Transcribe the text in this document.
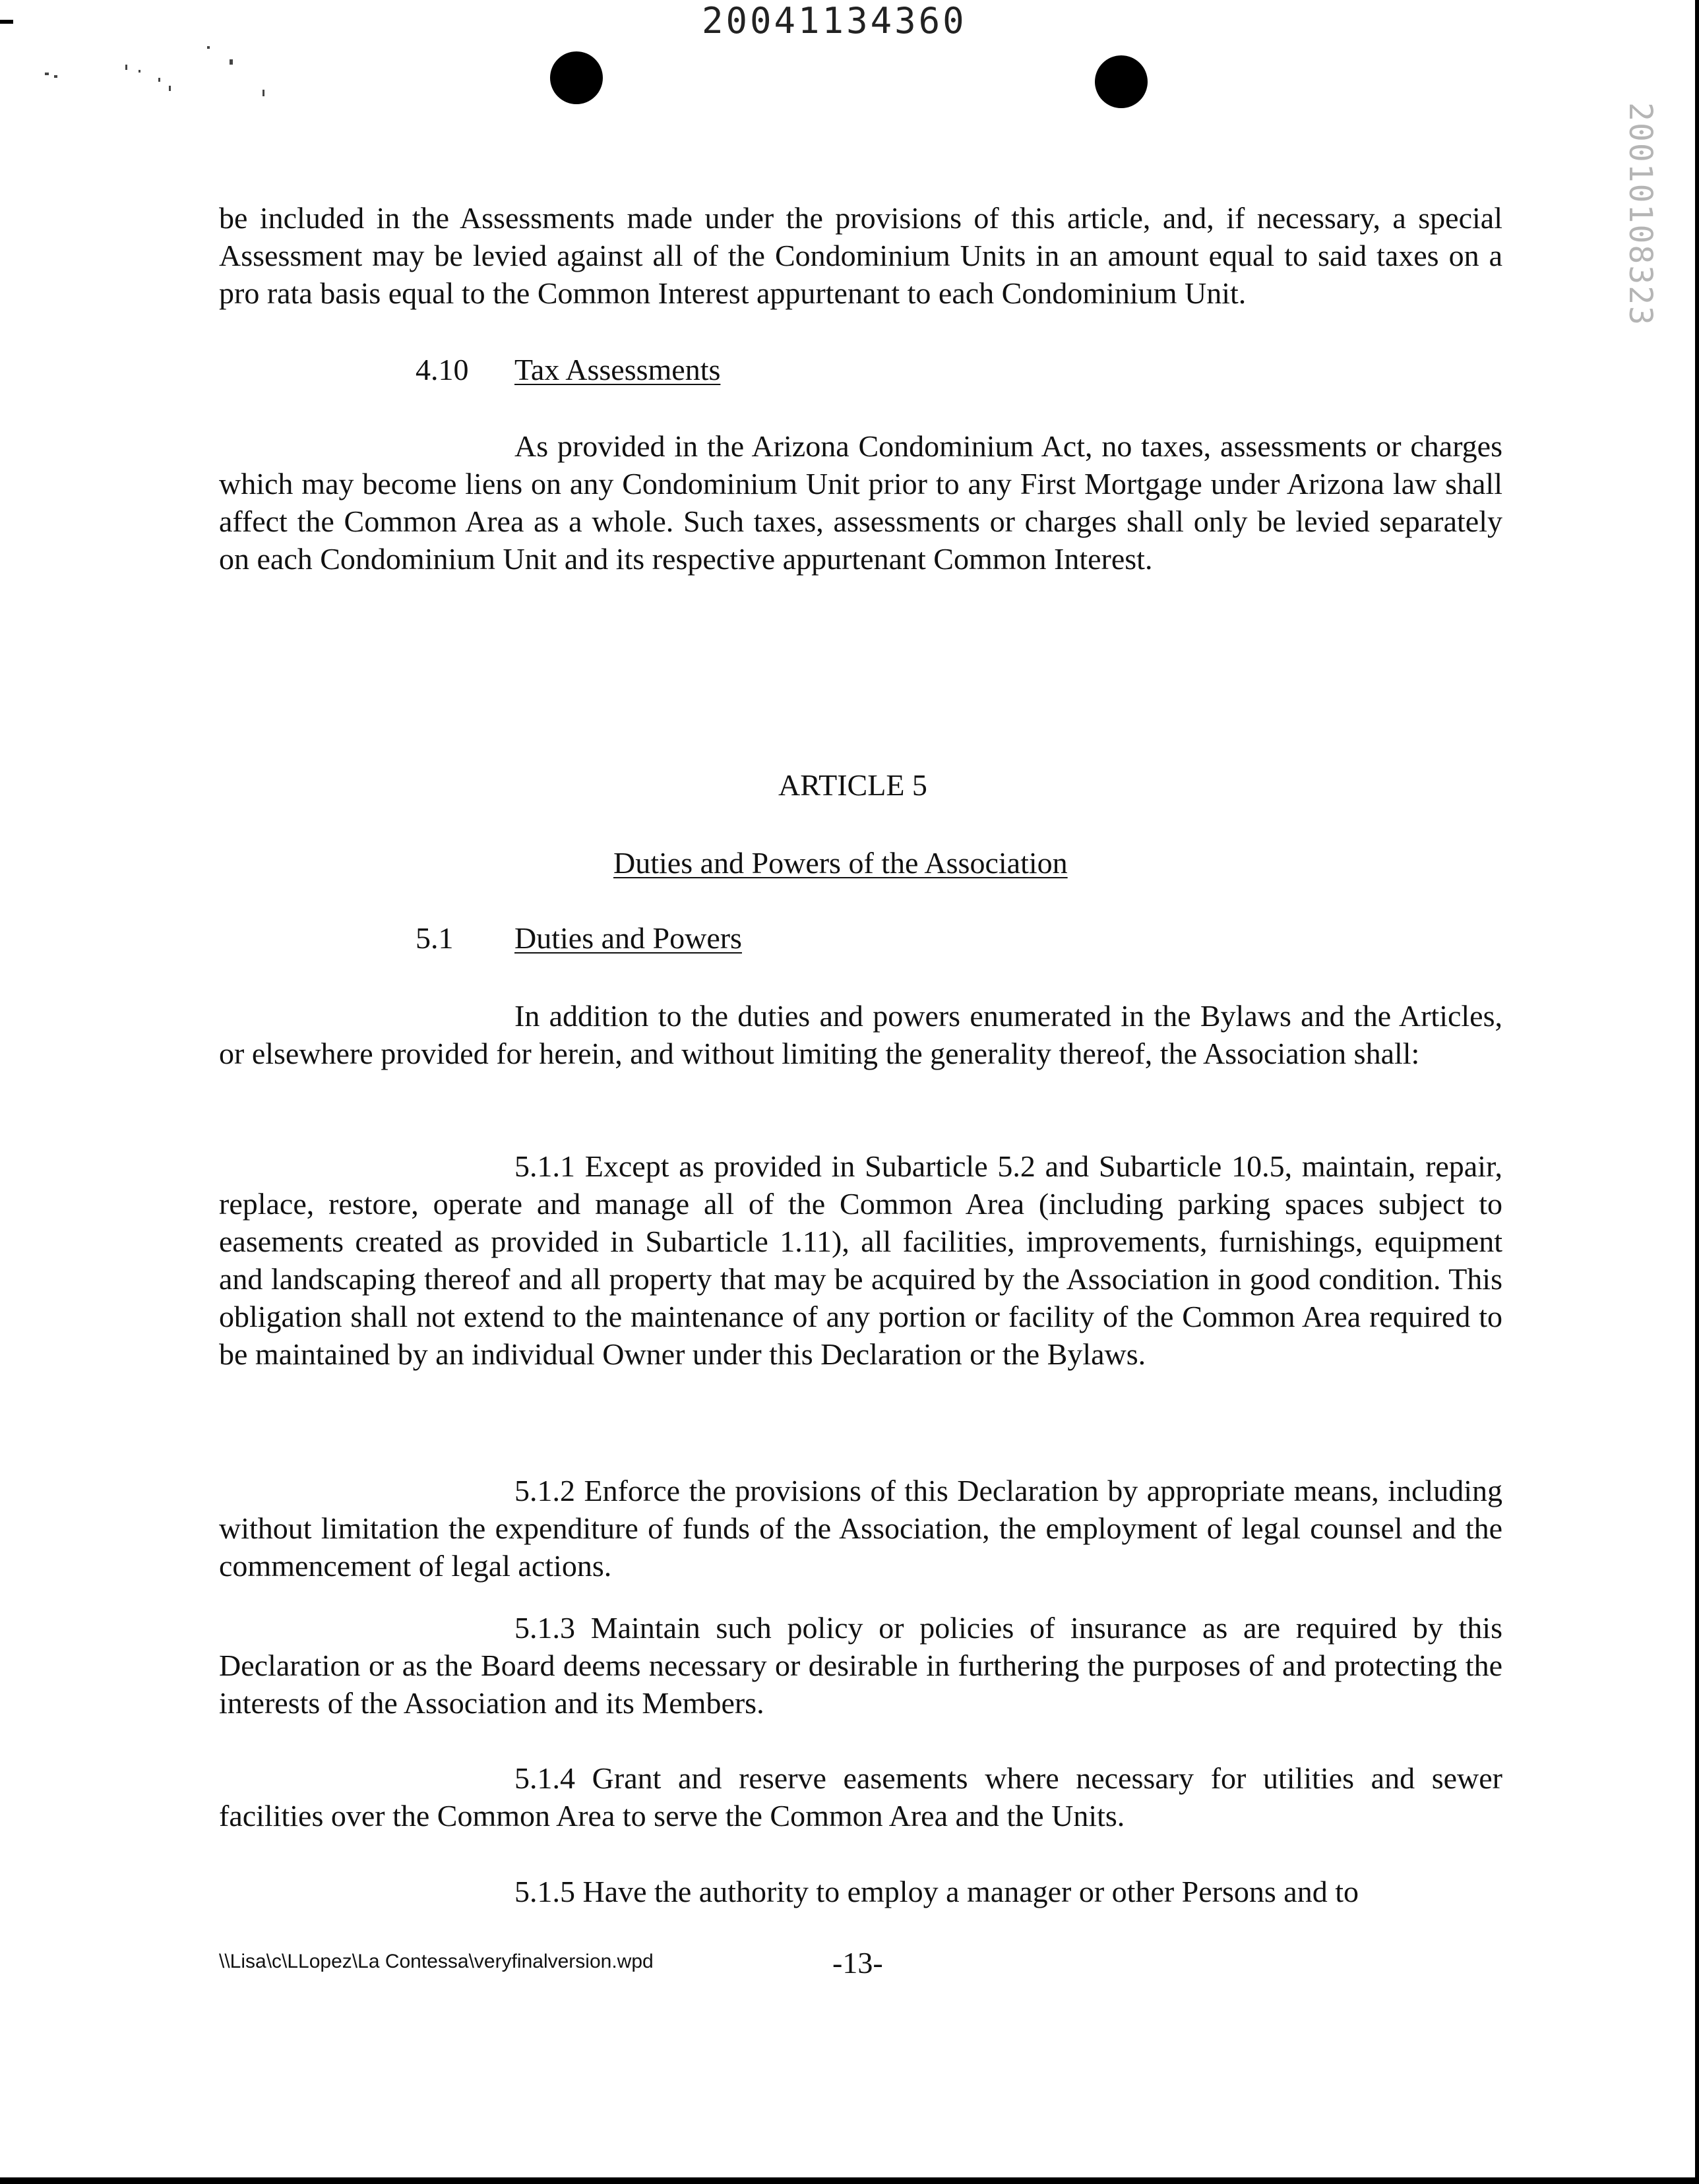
20041134360
20010108323
be included in the Assessments made under the provisions of this article, and, if necessary, a special Assessment may be levied against all of the Condominium Units in an amount equal to said taxes on a pro rata basis equal to the Common Interest appurtenant to each Condominium Unit.
4.10 Tax Assessments
As provided in the Arizona Condominium Act, no taxes, assessments or charges which may become liens on any Condominium Unit prior to any First Mortgage under Arizona law shall affect the Common Area as a whole. Such taxes, assessments or charges shall only be levied separately on each Condominium Unit and its respective appurtenant Common Interest.
ARTICLE 5
Duties and Powers of the Association
5.1 Duties and Powers
In addition to the duties and powers enumerated in the Bylaws and the Articles, or elsewhere provided for herein, and without limiting the generality thereof, the Association shall:
5.1.1 Except as provided in Subarticle 5.2 and Subarticle 10.5, maintain, repair, replace, restore, operate and manage all of the Common Area (including parking spaces subject to easements created as provided in Subarticle 1.11), all facilities, improvements, furnishings, equipment and landscaping thereof and all property that may be acquired by the Association in good condition. This obligation shall not extend to the maintenance of any portion or facility of the Common Area required to be maintained by an individual Owner under this Declaration or the Bylaws.
5.1.2 Enforce the provisions of this Declaration by appropriate means, including without limitation the expenditure of funds of the Association, the employment of legal counsel and the commencement of legal actions.
5.1.3 Maintain such policy or policies of insurance as are required by this Declaration or as the Board deems necessary or desirable in furthering the purposes of and protecting the interests of the Association and its Members.
5.1.4 Grant and reserve easements where necessary for utilities and sewer facilities over the Common Area to serve the Common Area and the Units.
5.1.5 Have the authority to employ a manager or other Persons and to
\\Lisa\c\LLopez\La Contessa\veryfinalversion.wpd	-13-
